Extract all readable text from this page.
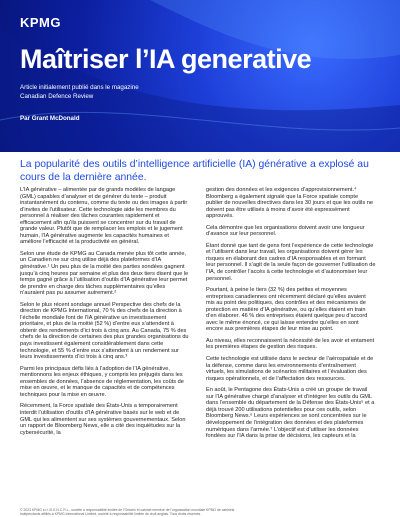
KPMG
Maîtriser l’IA generative
Article initialement publié dans le magazine
Canadian Defence Review
Par Grant McDonald

La popularité des outils d’intelligence artificielle (IA) générative a explosé au cours de la dernière année.

L’IA générative – alimentée par de grands modèles de langage (GML) capables d’analyser et de générer du texte – produit instantanément du contenu, comme du texte ou des images à partir d’invites de l’utilisateur. Cette technologie aide les membres du personnel à réaliser des tâches courantes rapidement et efficacement afin qu’ils puissent se concentrer sur du travail de grande valeur. Plutôt que de remplacer les emplois et le jugement humain, l’IA générative augmente les capacités humaines et améliore l’efficacité et la productivité en général.

Selon une étude de KPMG au Canada menée plus tôt cette année, un Canadien ne sur cinq utilise déjà des plateformes d’IA générative.¹ Un peu plus de la moitié des parties sondées gagnent jusqu’à cinq heures par semaine et plus des deux tiers disent que le temps gagné grâce à l’utilisation d’outils d’IA générative leur permet de prendre en charge des tâches supplémentaires qu’elles n’auraient pas pu assumer autrement.²

Selon le plus récent sondage annuel Perspective des chefs de la direction de KPMG International, 70 % des chefs de la direction à l’échelle mondiale font de l’IA générative un investissement prioritaire, et plus de la moitié (52 %) d’entre eux s’attendent à obtenir des rendements d’ici trois à cinq ans. Au Canada, 75 % des chefs de la direction de certaines des plus grandes organisations du pays investissent également considérablement dans cette technologie, et 55 % d’entre eux s’attendent à un rendement sur leurs investissements d’ici trois à cinq ans.³

Parmi les principaux défis liés à l’adoption de l’IA générative, mentionnons les enjeux éthiques, y compris les préjugés dans les ensembles de données, l’absence de réglementation, les coûts de mise en œuvre, et le manque de capacités et de compétences techniques pour la mise en œuvre.

Récemment, la Force spatiale des États-Unis a temporairement interdit l’utilisation d’outils d’IA générative basés sur le web et de GML qui les alimentent sur ses systèmes gouvernementaux. Selon un rapport de Bloomberg News, elle a cité des inquiétudes sur la cybersécurité, la

gestion des données et les exigences d’approvisionnement.⁴ Bloomberg a également signalé que la Force spatiale compte publier de nouvelles directives dans les 30 jours et que les outils ne doivent pas être utilisés à moins d’avoir été expressément approuvés.

Cela démontre que les organisations doivent avoir une longueur d’avance sur leur personnel.

Étant donné que tant de gens font l’expérience de cette technologie et l’utilisent dans leur travail, les organisations doivent gérer les risques en élaborant des cadres d’IA responsables et en formant leur personnel. Il s’agit de la seule façon de gouverner l’utilisation de l’IA, de contrôler l’accès à cette technologie et d’autonomiser leur personnel.

Pourtant, à peine le tiers (32 %) des petites et moyennes entreprises canadiennes ont récemment déclaré qu’elles avaient mis au point des politiques, des contrôles et des mécanismes de protection en matière d’IA générative, ou qu’elles étaient en train d’en élaborer. 46 % des entreprises étaient quelque peu d’accord avec le même énoncé, ce qui laisse entendre qu’elles en sont encore aux premières étapes de leur mise au point.

Au niveau, elles reconnaissent la nécessité de les avoir et entament les premières étapes de gestion des risques.

Cette technologie est utilisée dans le secteur de l’aérospatiale et de la défense, comme dans les environnements d’entraînement virtuels, les simulations de scénarios militaires et l’évaluation des risques opérationnels, et de l’affectation des ressources.

En août, le Pentagone des États-Unis a créé un groupe de travail sur l’IA générative chargé d’analyser et d’intégrer les outils du GML dans l’ensemble du département de la Défense des États-Unis⁵ et a déjà trouvé 200 utilisations potentielles pour ces outils, selon Bloomberg News.⁶ Leurs expériences se sont concentrées sur le développement de l’intégration des données et des plateformes numériques dans l’armée.⁷ L’objectif est d’utiliser les données fondées sur l’IA dans la prise de décisions, les capteurs et la

© 2023 KPMG s.r.l./S.E.N.C.R.L., société à responsabilité limitée de l’Ontario et cabinet membre de l’organisation mondiale KPMG de cabinets
indépendants affiliés à KPMG International Limited, société à responsabilité limitée de droit anglais. Tous droits réservés.
